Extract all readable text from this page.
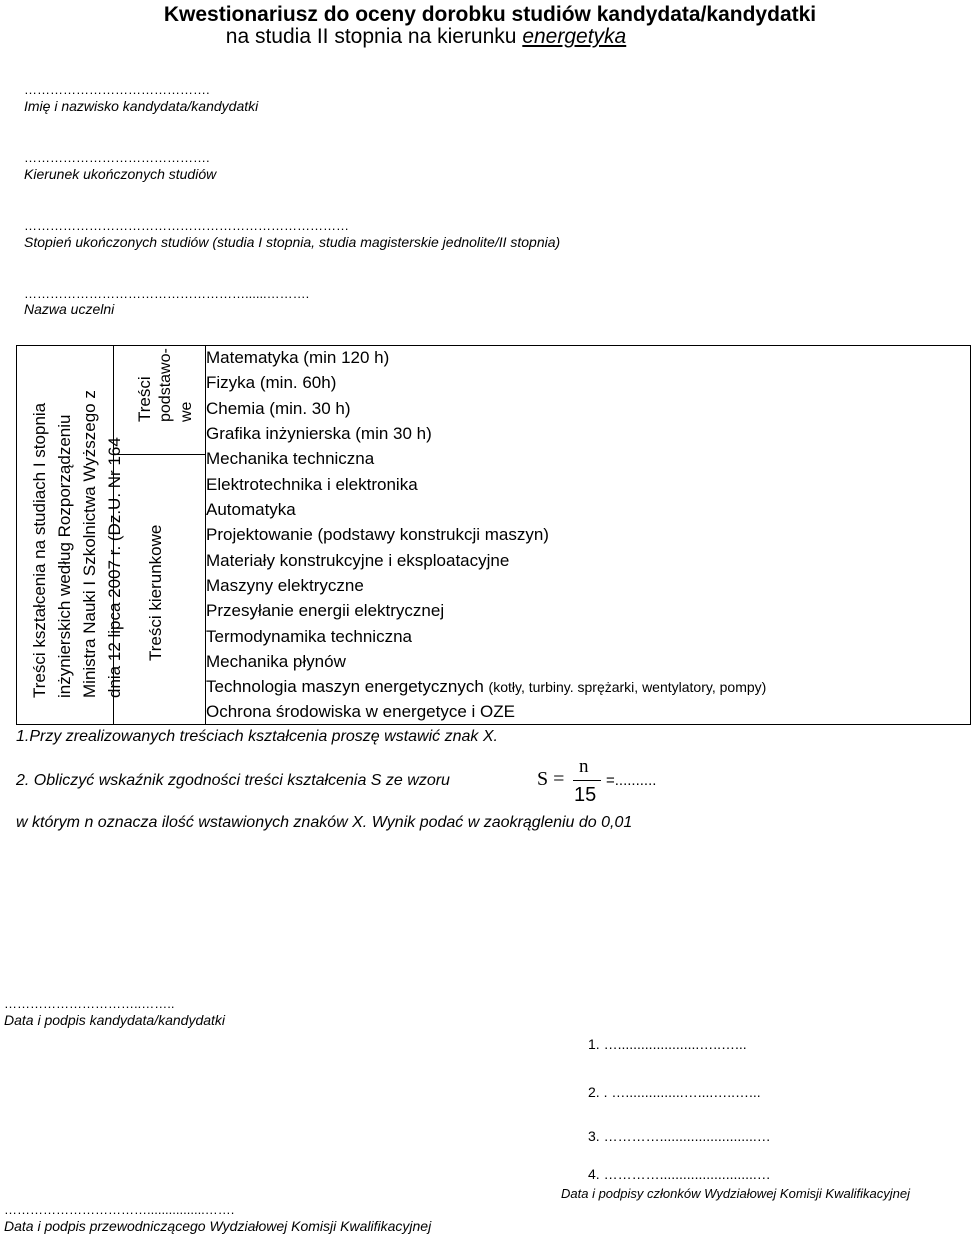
Kwestionariusz do oceny dorobku studiów kandydata/kandydatki
na studia II stopnia na kierunku energetyka
…………………………………….
Imię i nazwisko kandydata/kandydatki
…………………………………….
Kierunek ukończonych studiów
…………………………………………………………………
Stopień ukończonych studiów (studia I stopnia, studia magisterskie jednolite/II stopnia)
……………………………………………......……….
Nazwa uczelni
Treści kształcenia na studiach I stopnia inżynierskich według Rozporządzeniu Ministra Nauki I Szkolnictwa Wyższego z dnia 12 lipca 2007 r. (Dz.U. Nr 164
Treści podstawo- we
Treści kierunkowe
Matematyka (min 120 h)
Fizyka (min. 60h)
Chemia (min. 30 h)
Grafika inżynierska (min 30 h)
Mechanika techniczna
Elektrotechnika i elektronika
Automatyka
Projektowanie (podstawy konstrukcji maszyn)
Materiały konstrukcyjne i eksploatacyjne
Maszyny elektryczne
Przesyłanie energii elektrycznej
Termodynamika techniczna
Mechanika płynów
Technologia maszyn energetycznych (kotły, turbiny. sprężarki, wentylatory, pompy)
Ochrona środowiska w energetyce i OZE
1.Przy zrealizowanych treściach kształcenia proszę wstawić znak X.
2. Obliczyć wskaźnik zgodności treści kształcenia S ze wzoru	S =
n
15
=..........
w którym n oznacza ilość wstawionych znaków X. Wynik podać w zaokrągleniu do 0,01
…………………………..……..
Data i podpis kandydata/kandydatki
1. ….....................…..…...
2. . …...............…....…..…...
3. ………….........................…
4. ………….........................…
Data i podpisy członków Wydziałowej Komisji Kwalifikacyjnej
……………………………................…….
Data i podpis przewodniczącego Wydziałowej Komisji Kwalifikacyjnej
